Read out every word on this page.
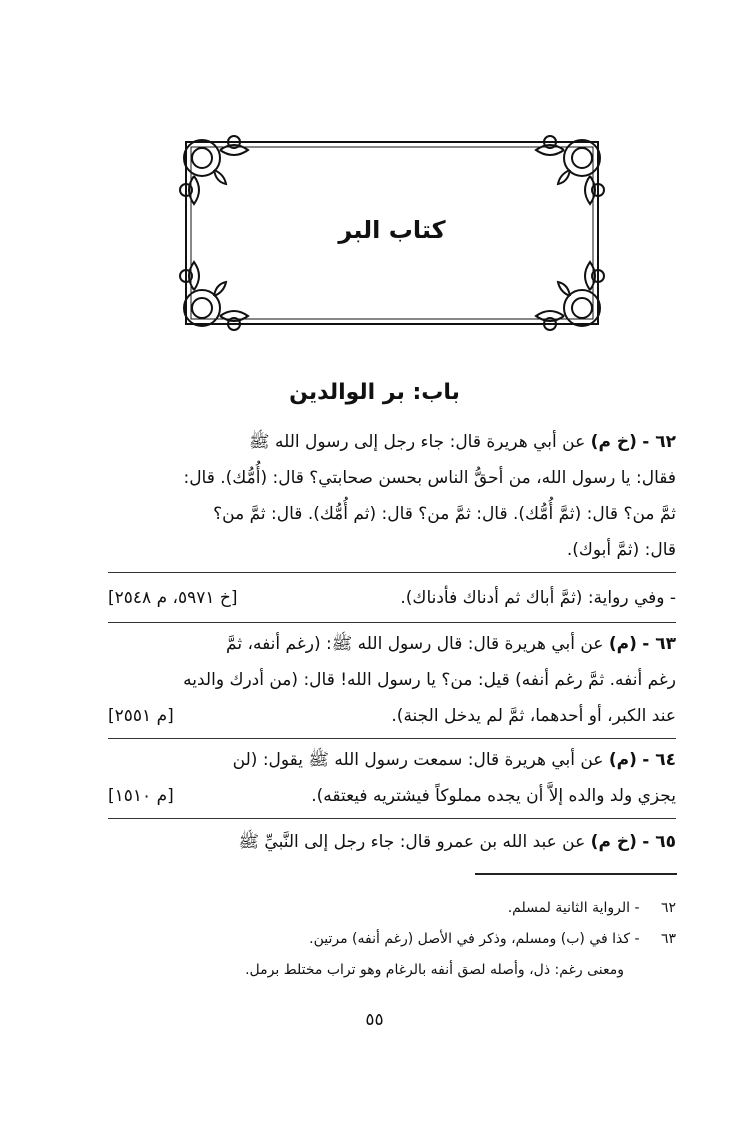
كتاب البر
باب: بر الوالدين
٦٢ - (خ م) عن أبي هريرة قال: جاء رجل إلى رسول الله ﷺ
فقال: يا رسول الله، من أحقُّ الناس بحسن صحابتي؟ قال: (أُمُّك). قال:
ثمَّ من؟ قال: (ثمَّ أُمُّك). قال: ثمَّ من؟ قال: (ثم أُمُّك). قال: ثمَّ من؟
قال: (ثمَّ أبوك).
- وفي رواية: (ثمَّ أباك ثم أدناك فأدناك).
[خ ٥٩٧١، م ٢٥٤٨]
٦٣ - (م) عن أبي هريرة قال: قال رسول الله ﷺ: (رغم أنفه، ثمَّ
رغم أنفه. ثمَّ رغم أنفه) قيل: من؟ يا رسول الله! قال: (من أدرك والديه
عند الكبر، أو أحدهما، ثمَّ لم يدخل الجنة).
[م ٢٥٥١]
٦٤ - (م) عن أبي هريرة قال: سمعت رسول الله ﷺ يقول: (لن
يجزي ولد والده إلاَّ أن يجده مملوكاً فيشتريه فيعتقه).
[م ١٥١٠]
٦٥ - (خ م) عن عبد الله بن عمرو قال: جاء رجل إلى النَّبيِّ ﷺ
٦٢ - الرواية الثانية لمسلم.
٦٣ - كذا في (ب) ومسلم، وذكر في الأصل (رغم أنفه) مرتين.
ومعنى رغم: ذل، وأصله لصق أنفه بالرغام وهو تراب مختلط برمل.
٥٥
